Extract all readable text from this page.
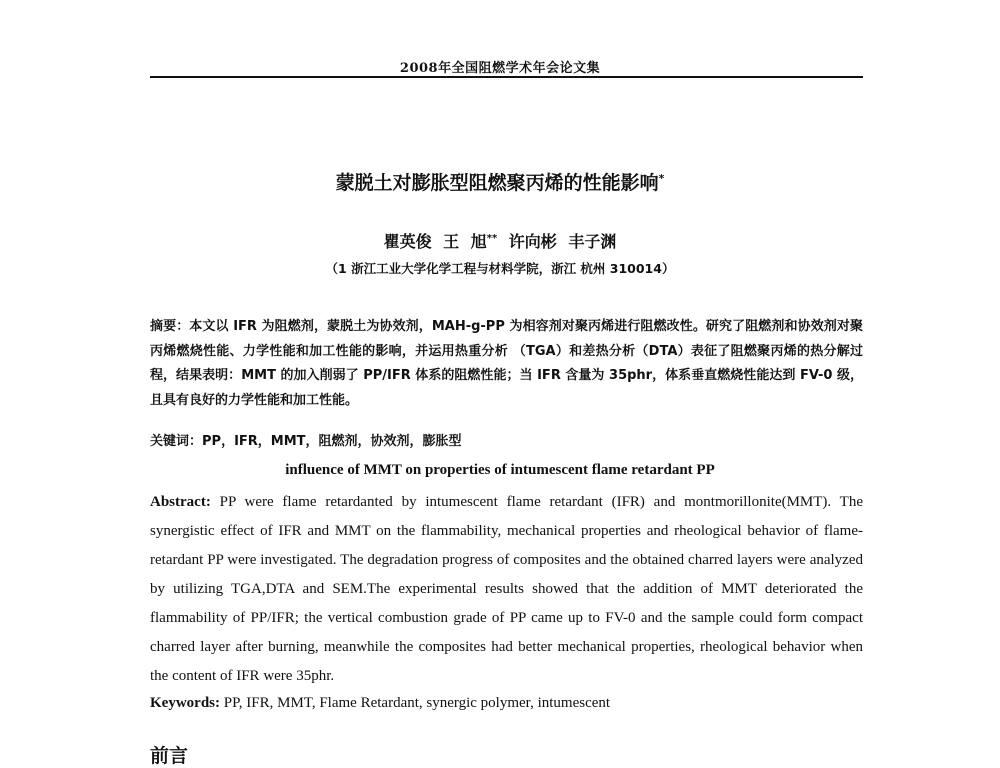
2008年全国阻燃学术年会论文集
蒙脱土对膨胀型阻燃聚丙烯的性能影响*
瞿英俊 王 旭** 许向彬 丰子渊
（1 浙江工业大学化学工程与材料学院，浙江 杭州 310014）
摘要：本文以 IFR 为阻燃剂，蒙脱土为协效剂，MAH-g-PP 为相容剂对聚丙烯进行阻燃改性。研究了阻燃剂和协效剂对聚丙烯燃烧性能、力学性能和加工性能的影响，并运用热重分析 （TGA）和差热分析（DTA）表征了阻燃聚丙烯的热分解过程，结果表明：MMT 的加入削弱了 PP/IFR 体系的阻燃性能；当 IFR 含量为 35phr，体系垂直燃烧性能达到 FV-0 级，且具有良好的力学性能和加工性能。
关键词：PP，IFR，MMT，阻燃剂，协效剂，膨胀型
influence of MMT on properties of intumescent flame retardant PP
Abstract: PP were flame retardanted by intumescent flame retardant (IFR) and montmorillonite(MMT). The synergistic effect of IFR and MMT on the flammability, mechanical properties and rheological behavior of flame-retardant PP were investigated. The degradation progress of composites and the obtained charred layers were analyzed by utilizing TGA,DTA and SEM.The experimental results showed that the addition of MMT deteriorated the flammability of PP/IFR; the vertical combustion grade of PP came up to FV-0 and the sample could form compact charred layer after burning, meanwhile the composites had better mechanical properties, rheological behavior when the content of IFR were 35phr.
Keywords: PP, IFR, MMT, Flame Retardant, synergic polymer, intumescent
前言
